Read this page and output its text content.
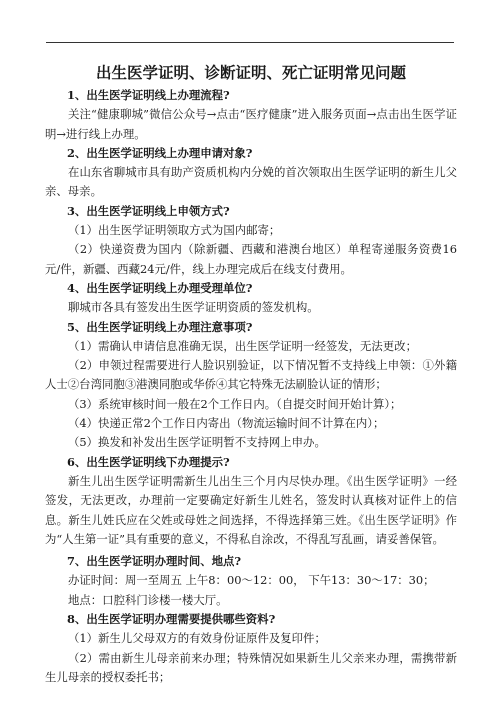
出生医学证明、诊断证明、死亡证明常见问题
1、出生医学证明线上办理流程?

关注“健康聊城”微信公众号→点击“医疗健康”进入服务页面→点击出生医学证明→进行线上办理。

2、出生医学证明线上办理申请对象?

在山东省聊城市具有助产资质机构内分娩的首次领取出生医学证明的新生儿父亲、母亲。

3、出生医学证明线上申领方式?

（1）出生医学证明领取方式为国内邮寄；

（2）快递资费为国内（除新疆、西藏和港澳台地区）单程寄递服务资费16元/件，新疆、西藏24元/件，线上办理完成后在线支付费用。

4、出生医学证明线上办理受理单位?

聊城市各具有签发出生医学证明资质的签发机构。

5、出生医学证明线上办理注意事项?

（1）需确认申请信息准确无误，出生医学证明一经签发，无法更改；

（2）申领过程需要进行人脸识别验证，以下情况暂不支持线上申领：①外籍人士②台湾同胞③港澳同胞或华侨④其它特殊无法刷脸认证的情形；

（3）系统审核时间一般在2个工作日内。（自提交时间开始计算）；

（4）快递正常2个工作日内寄出（物流运输时间不计算在内）；

（5）换发和补发出生医学证明暂不支持网上申办。

6、出生医学证明线下办理提示?

新生儿出生医学证明需新生儿出生三个月内尽快办理。《出生医学证明》一经签发，无法更改，办理前一定要确定好新生儿姓名，签发时认真核对证件上的信息。新生儿姓氏应在父姓或母姓之间选择，不得选择第三姓。《出生医学证明》作为“人生第一证”具有重要的意义，不得私自涂改，不得乱写乱画，请妥善保管。

7、出生医学证明办理时间、地点?

办证时间：周一至周五 上午8：00～12：00， 下午13：30～17：30；

地点：口腔科门诊楼一楼大厅。

8、出生医学证明办理需要提供哪些资料?

（1）新生儿父母双方的有效身份证原件及复印件；

（2）需由新生儿母亲前来办理；特殊情况如果新生儿父亲来办理，需携带新生儿母亲的授权委托书；
